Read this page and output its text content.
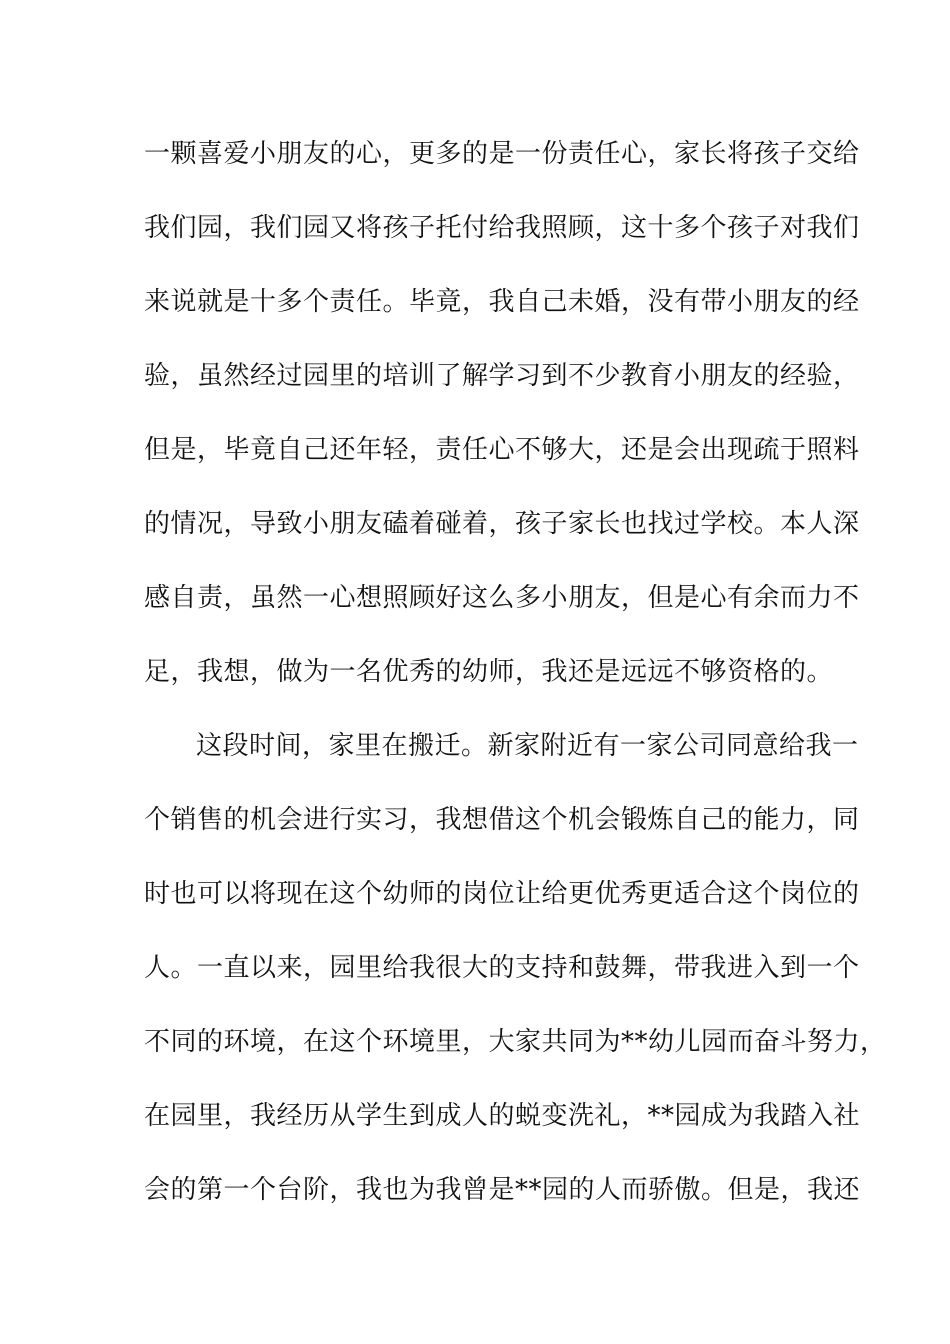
一颗喜爱小朋友的心，更多的是一份责任心，家长将孩子交给
我们园，我们园又将孩子托付给我照顾，这十多个孩子对我们
来说就是十多个责任。毕竟，我自己未婚，没有带小朋友的经
验，虽然经过园里的培训了解学习到不少教育小朋友的经验，
但是，毕竟自己还年轻，责任心不够大，还是会出现疏于照料
的情况，导致小朋友磕着碰着，孩子家长也找过学校。本人深
感自责，虽然一心想照顾好这么多小朋友，但是心有余而力不
足，我想，做为一名优秀的幼师，我还是远远不够资格的。
这段时间，家里在搬迁。新家附近有一家公司同意给我一
个销售的机会进行实习，我想借这个机会锻炼自己的能力，同
时也可以将现在这个幼师的岗位让给更优秀更适合这个岗位的
人。一直以来，园里给我很大的支持和鼓舞，带我进入到一个
不同的环境，在这个环境里，大家共同为**幼儿园而奋斗努力，
在园里，我经历从学生到成人的蜕变洗礼，**园成为我踏入社
会的第一个台阶，我也为我曾是**园的人而骄傲。但是，我还
